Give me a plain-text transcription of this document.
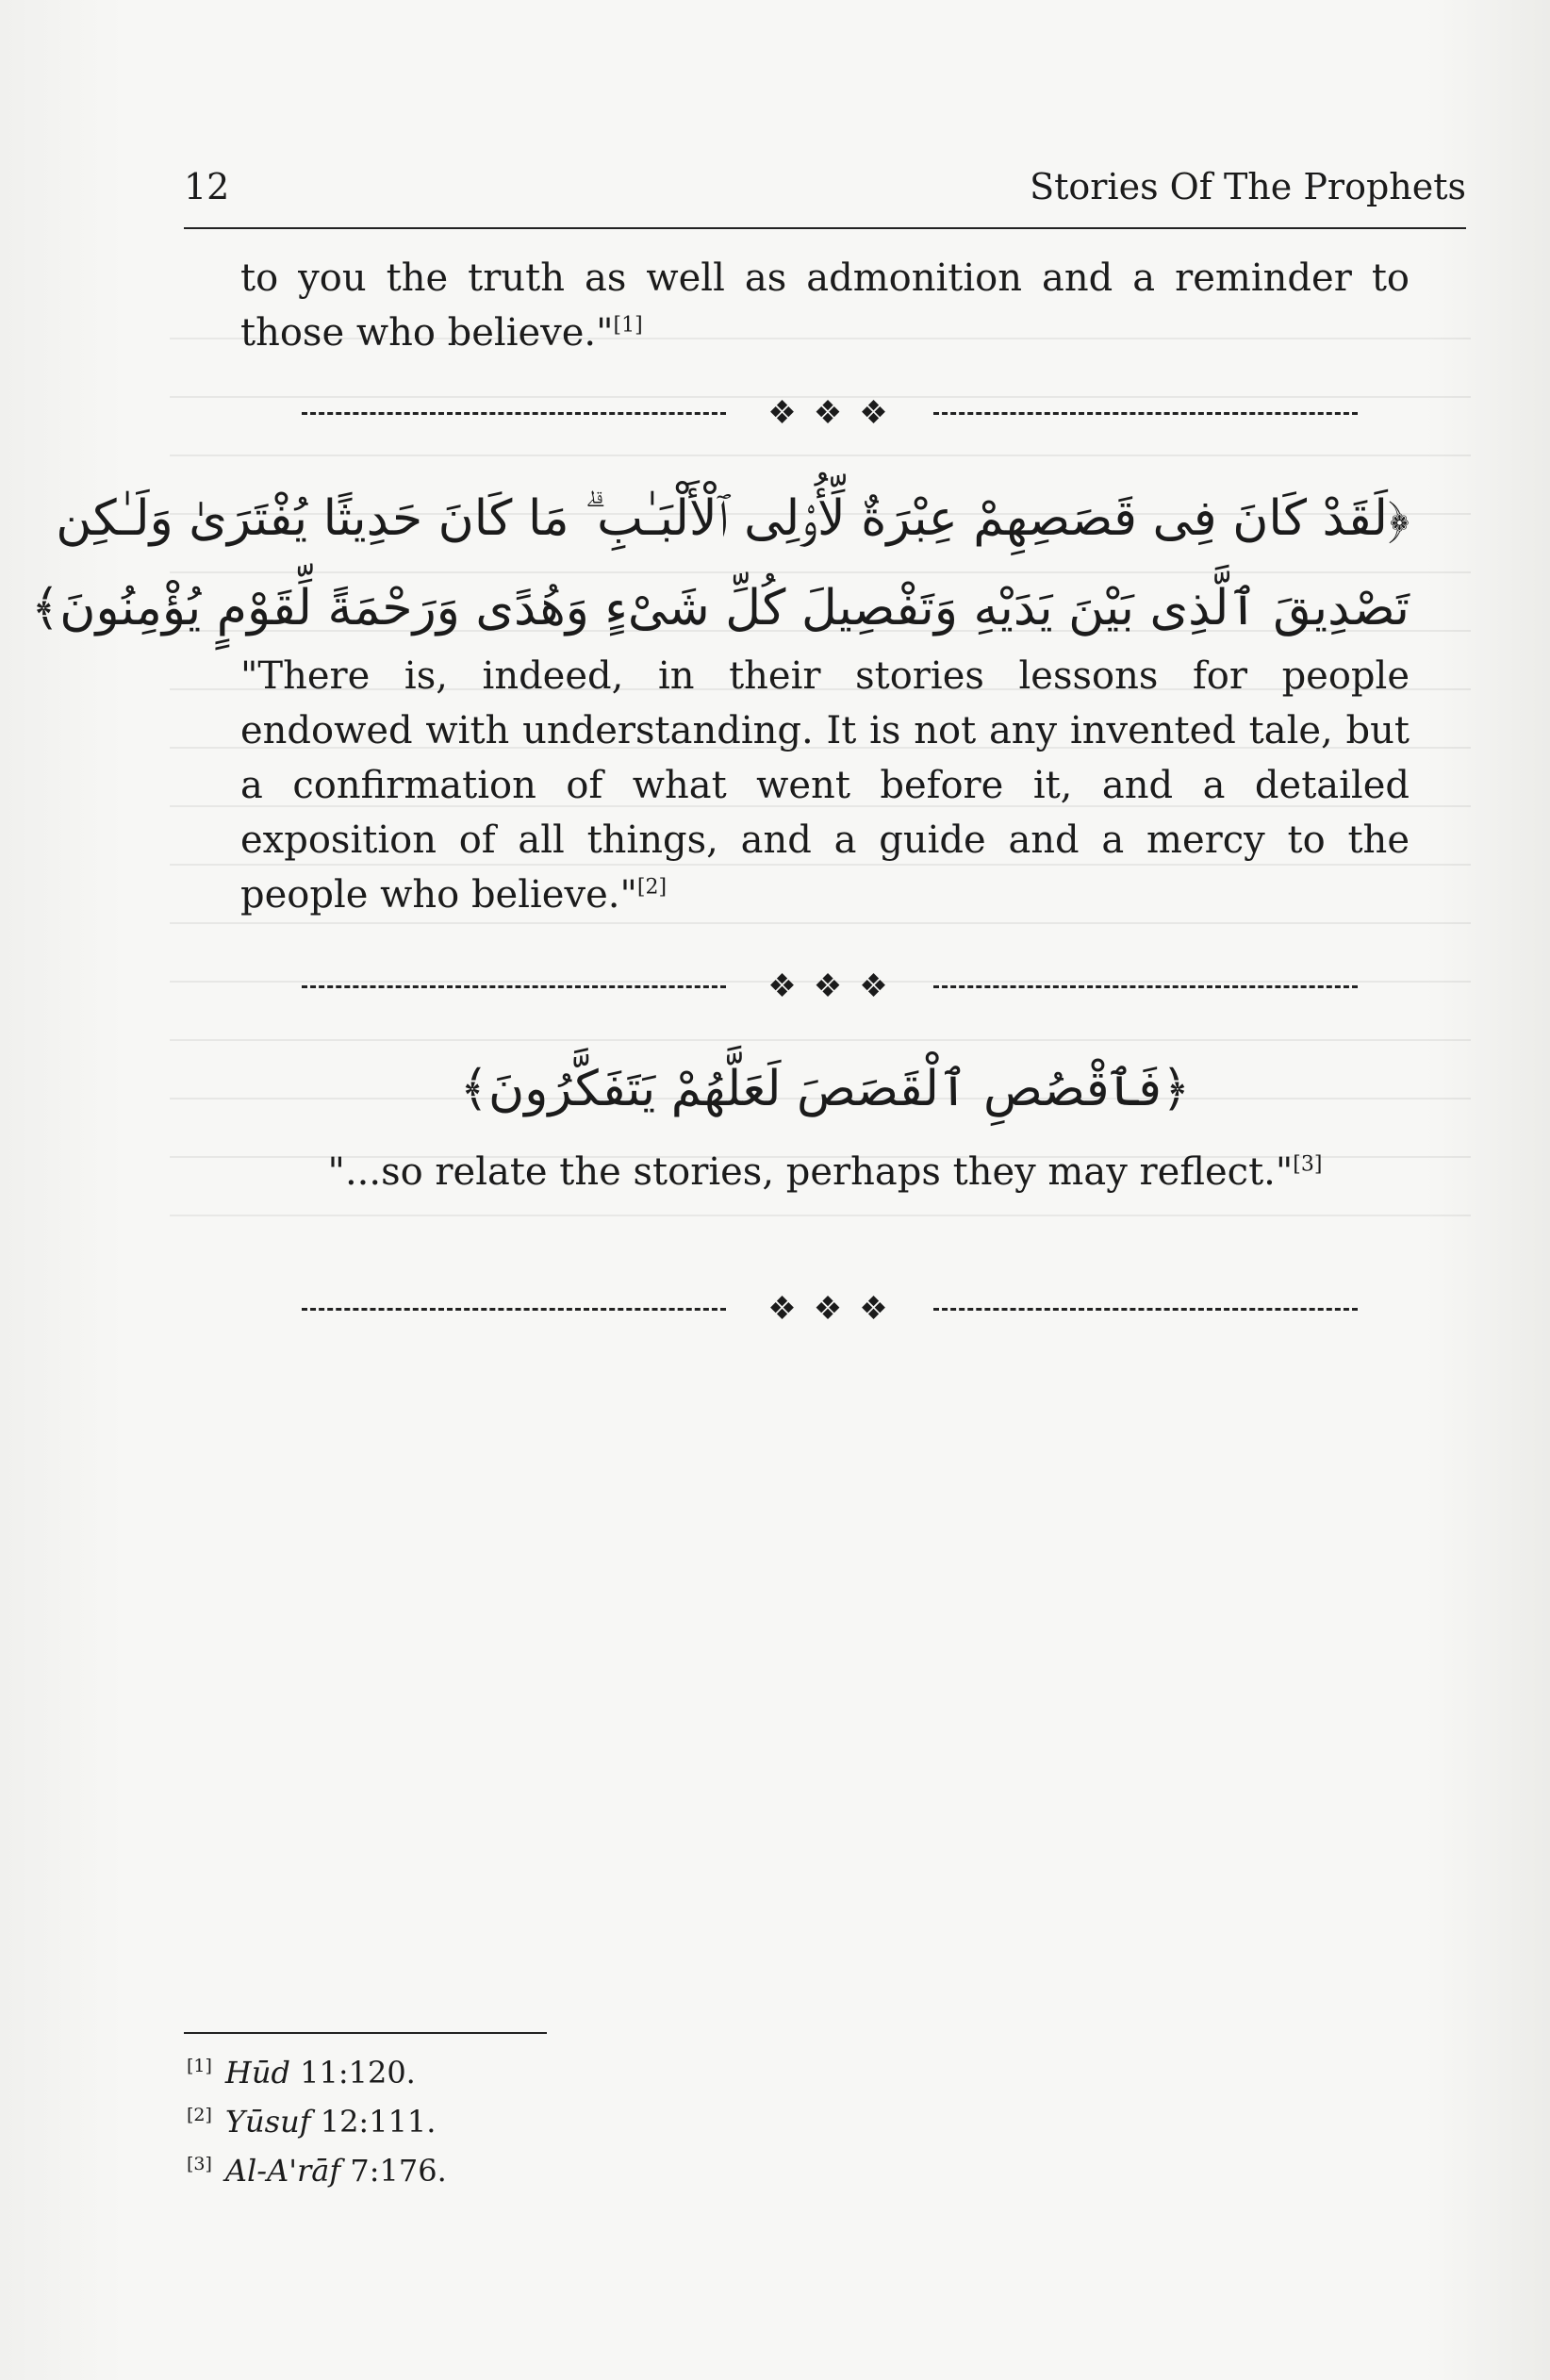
12	Stories Of The Prophets

to you the truth as well as admonition and a reminder to those who believe."[1]

❖❖❖
﴿لَقَدْ كَانَ فِى قَصَصِهِمْ عِبْرَةٌ لِّأُو۟لِى ٱلْأَلْبَـٰبِ ۗ مَا كَانَ حَدِيثًا يُفْتَرَىٰ وَلَـٰكِن
تَصْدِيقَ ٱلَّذِى بَيْنَ يَدَيْهِ وَتَفْصِيلَ كُلِّ شَىْءٍ وَهُدًى وَرَحْمَةً لِّقَوْمٍ يُؤْمِنُونَ﴾

"There is, indeed, in their stories lessons for people endowed with understanding. It is not any invented tale, but a confirmation of what went before it, and a detailed exposition of all things, and a guide and a mercy to the people who believe."[2]

❖❖❖
﴿فَٱقْصُصِ ٱلْقَصَصَ لَعَلَّهُمْ يَتَفَكَّرُونَ﴾

"...so relate the stories, perhaps they may reflect."[3]

❖❖❖

[1] Hūd 11:120.

[2] Yūsuf 12:111.

[3] Al-A'rāf 7:176.
